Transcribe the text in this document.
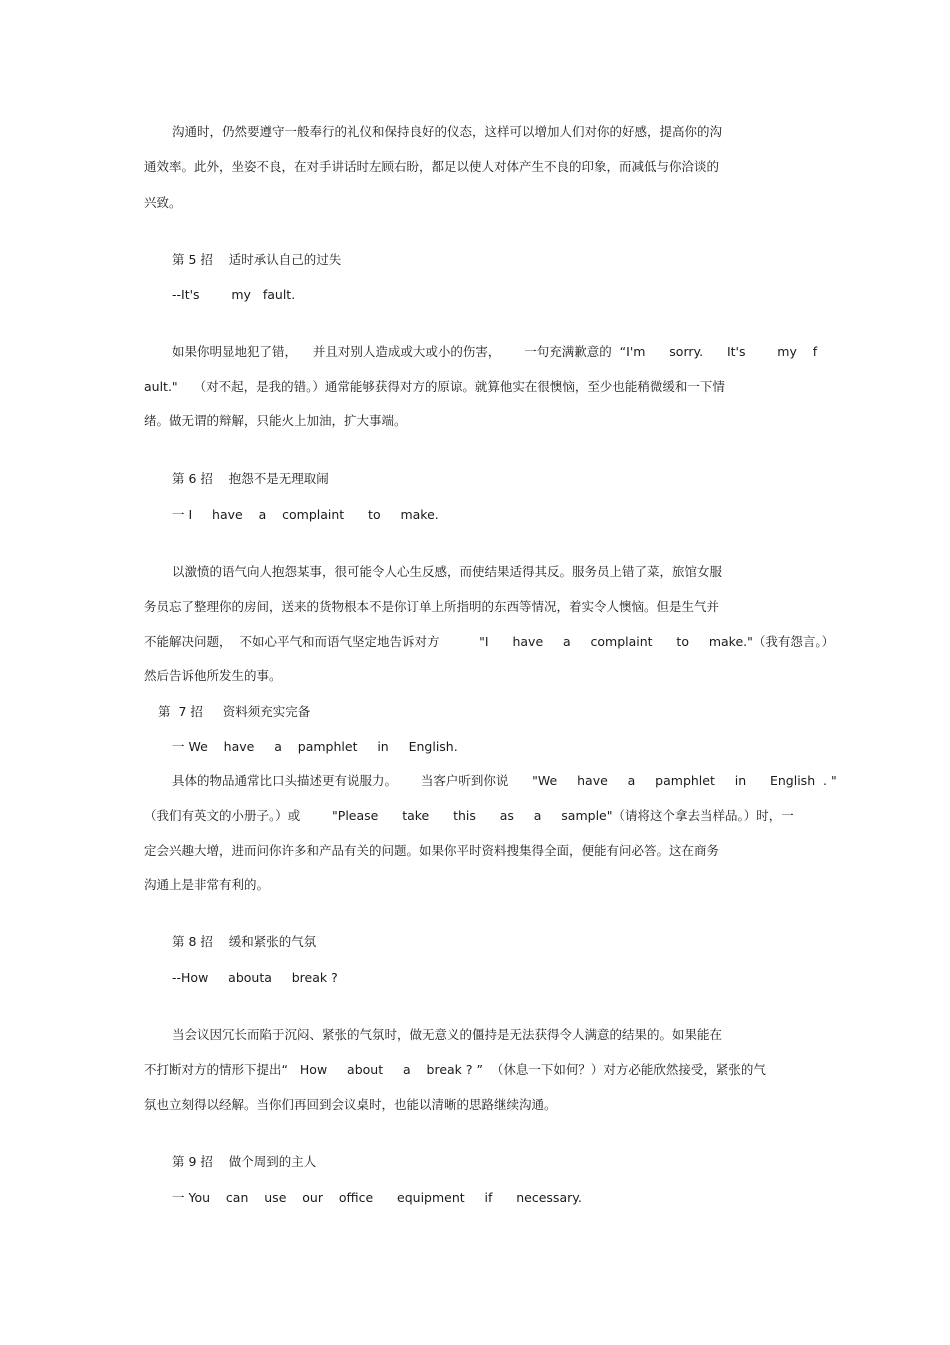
沟通时，仍然要遵守一般奉行的礼仪和保持良好的仪态，这样可以增加人们对你的好感，提高你的沟
通效率。此外，坐姿不良，在对手讲话时左顾右盼，都足以使人对体产生不良的印象，而减低与你洽谈的
兴致。
第 5 招    适时承认自己的过失
--It's        my   fault.
如果你明显地犯了错，    并且对别人造成或大或小的伤害，      一句充满歉意的  “I'm      sorry.      It's        my    f
ault."    （对不起，是我的错。）通常能够获得对方的原谅。就算他实在很懊恼，至少也能稍微缓和一下情
绪。做无谓的辩解，只能火上加油，扩大事端。
第 6 招    抱怨不是无理取闹
一 I     have    a    complaint      to     make.
以激愤的语气向人抱怨某事，很可能令人心生反感，而使结果适得其反。服务员上错了菜，旅馆女服
务员忘了整理你的房间，送来的货物根本不是你订单上所指明的东西等情况，着实令人懊恼。但是生气并
不能解决问题，  不如心平气和而语气坚定地告诉对方          "I      have     a     complaint      to     make."（我有怨言。）
然后告诉他所发生的事。
第  7 招     资料须充实完备
一 We    have     a    pamphlet     in     English.
具体的物品通常比口头描述更有说服力。      当客户听到你说      "We     have     a     pamphlet     in      English  . "
（我们有英文的小册子。）或        "Please      take      this      as     a     sample"（请将这个拿去当样品。）时，一
定会兴趣大增，进而问你许多和产品有关的问题。如果你平时资料搜集得全面，便能有问必答。这在商务
沟通上是非常有利的。
第 8 招    缓和紧张的气氛
--How     abouta     break ?
当会议因冗长而陷于沉闷、紧张的气氛时，做无意义的僵持是无法获得令人满意的结果的。如果能在
不打断对方的情形下提出“   How     about     a    break ? ”  （休息一下如何？）对方必能欣然接受，紧张的气
氛也立刻得以经解。当你们再回到会议桌时，也能以清晰的思路继续沟通。
第 9 招    做个周到的主人
一 You    can    use    our    office      equipment     if      necessary.
